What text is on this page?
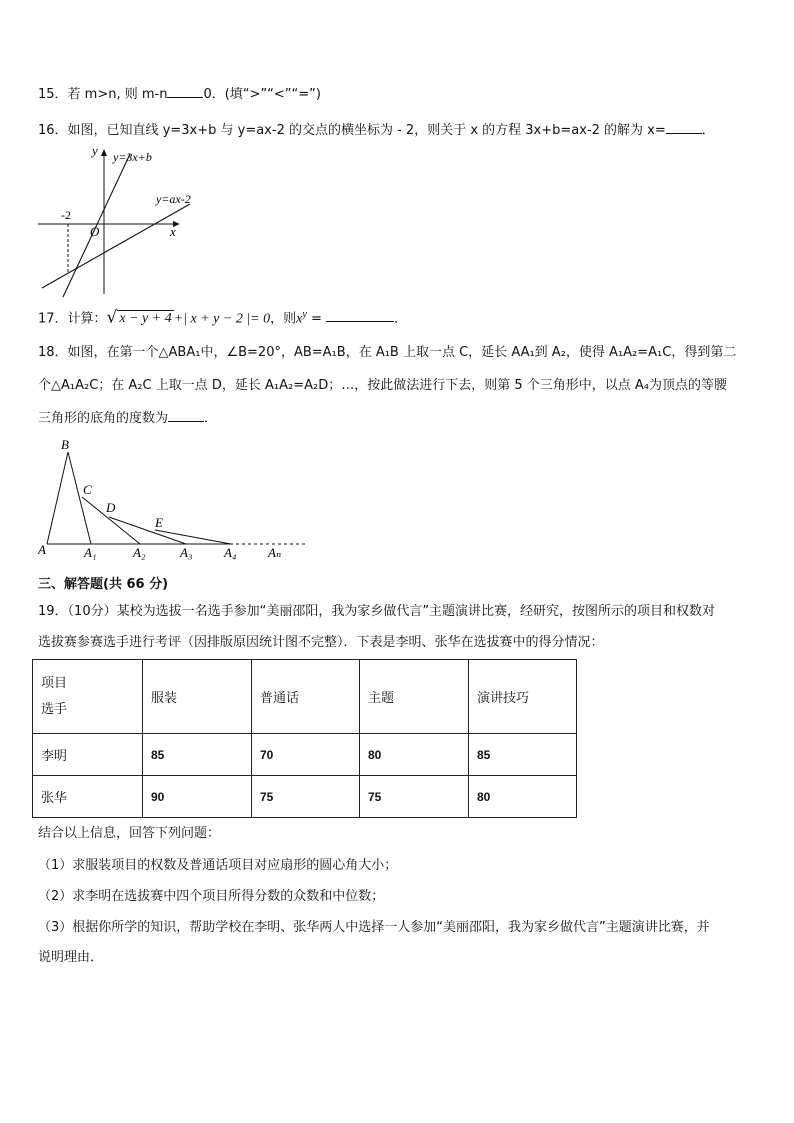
15．若 m>n, 则 m-n	0．(填“>”“<”“=”)
16．如图，已知直线 y=3x+b 与 y=ax-2 的交点的横坐标为 - 2，则关于 x 的方程 3x+b=ax-2 的解为 x=	．
y y=3x+b
y=ax-2
-2
O	x
17．计算：√ x − y + 4 +| x + y − 2 |= 0，则$x^y$ =	．
18．如图，在第一个△ABA₁中，∠B=20°，AB=A₁B，在 A₁B 上取一点 C，延长 AA₁到 A₂，使得 A₁A₂=A₁C，得到第二
个△A₁A₂C；在 A₂C 上取一点 D，延长 A₁A₂=A₂D；…，按此做法进行下去，则第 5 个三角形中，以点 A₄为顶点的等腰
三角形的底角的度数为	．
B
C
D
E
A	A₁	A₂	A₃ A₄ Aₙ
三、解答题(共 66 分)
19．（10分）某校为选拔一名选手参加“美丽邵阳，我为家乡做代言”主题演讲比赛，经研究，按图所示的项目和权数对
选拔赛参赛选手进行考评（因排版原因统计图不完整）．下表是李明、张华在选拔赛中的得分情况：
项目
选手	服装	普通话	主题	演讲技巧
李明	85	70	80	85
张华	90	75	75	80
结合以上信息，回答下列问题：
（1）求服装项目的权数及普通话项目对应扇形的圆心角大小；
（2）求李明在选拔赛中四个项目所得分数的众数和中位数；
（3）根据你所学的知识，帮助学校在李明、张华两人中选择一人参加“美丽邵阳，我为家乡做代言”主题演讲比赛，并
说明理由．
